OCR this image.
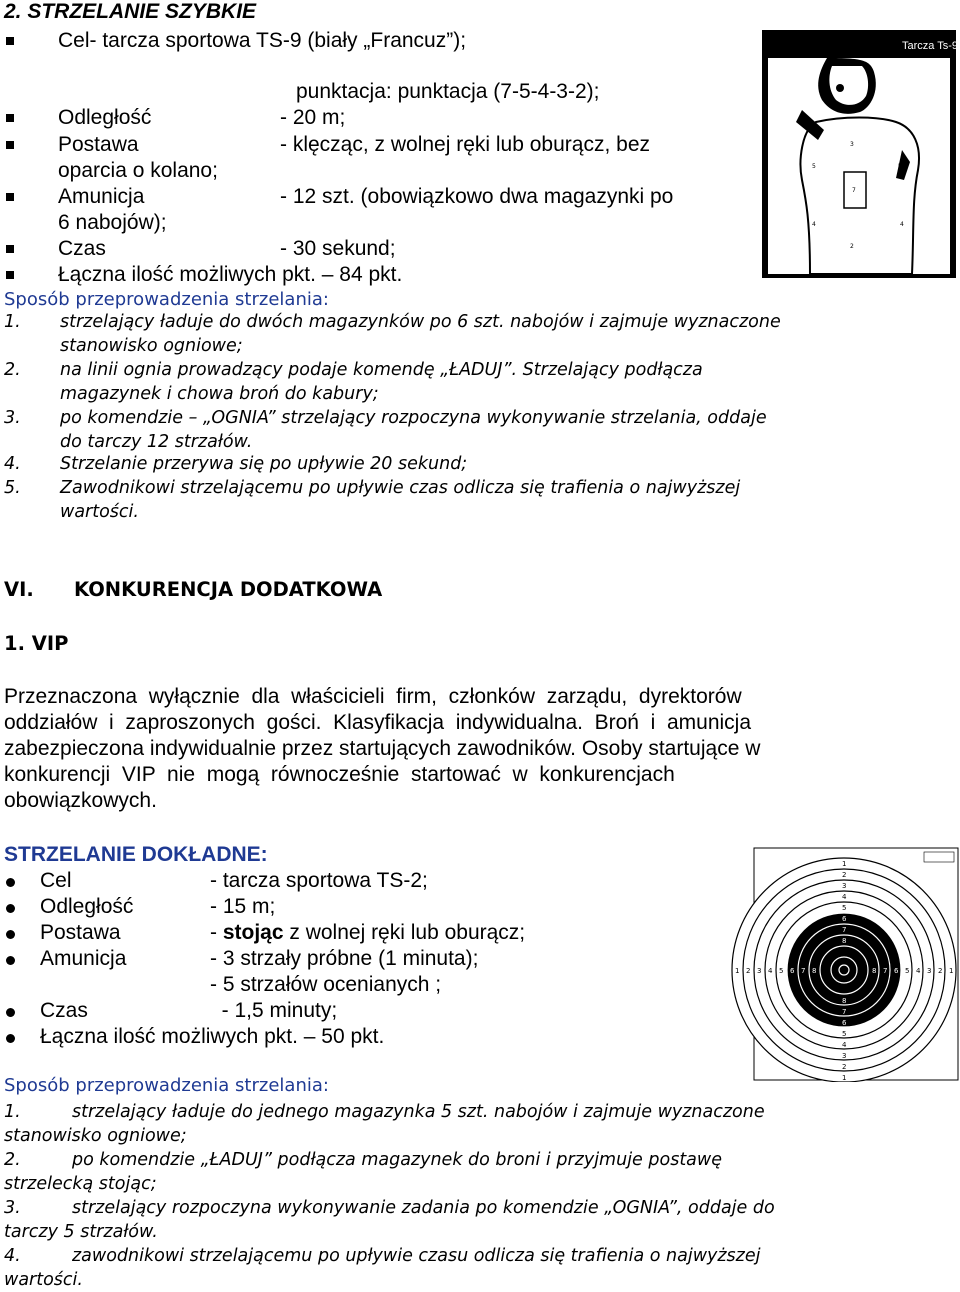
2. STRZELANIE SZYBKIE
Cel- tarcza sportowa TS-9 (biały „Francuz”);
punktacja: punktacja (7-5-4-3-2);
Odległość	- 20 m;
Postawa	- klęcząc, z wolnej ręki lub oburącz, bez
oparcia o kolano;
Amunicja	- 12 szt. (obowiązkowo dwa magazynki po
6 nabojów);
Czas	- 30 sekund;
Łączna ilość możliwych pkt. – 84 pkt.
Tarcza Ts-9
5	5
3
4	4
2
7
Sposób przeprowadzenia strzelania:
1. strzelający ładuje do dwóch magazynków po 6 szt. nabojów i zajmuje wyznaczone
stanowisko ogniowe;
2. na linii ognia prowadzący podaje komendę „ŁADUJ”. Strzelający podłącza
magazynek i chowa broń do kabury;
3. po komendzie – „OGNIA” strzelający rozpoczyna wykonywanie strzelania, oddaje
do tarczy 12 strzałów.
4. Strzelanie przerywa się po upływie 20 sekund;
5. Zawodnikowi strzelającemu po upływie czas odlicza się trafienia o najwyższej
wartości.
VI. KONKURENCJA DODATKOWA
1. VIP
Przeznaczona  wyłącznie  dla  właścicieli  firm,  członków  zarządu,  dyrektorów
oddziałów  i  zaproszonych  gości.  Klasyfikacja  indywidualna.  Broń  i  amunicja
zabezpieczona indywidualnie przez startujących zawodników. Osoby startujące w
konkurencji  VIP  nie  mogą  równocześnie  startować  w  konkurencjach
obowiązkowych.
STRZELANIE DOKŁADNE:
Cel	- tarcza sportowa TS-2;
Odległość	- 15 m;
Postawa	- stojąc z wolnej ręki lub oburącz;
Amunicja	- 3 strzały próbne (1 minuta);
- 5 strzałów ocenianych ;
Czas	- 1,5 minuty;
Łączna ilość możliwych pkt. – 50 pkt.
1
1
1	1
2
2
2	2
3
3
3	3
4
4
4	4
5
5
5	5
6
6
6	6
7
7
7	7
8
8
8	8
Sposób przeprowadzenia strzelania:
1.	strzelający ładuje do jednego magazynka 5 szt. nabojów i zajmuje wyznaczone
stanowisko ogniowe;
2.	po komendzie „ŁADUJ” podłącza magazynek do broni i przyjmuje postawę
strzelecką stojąc;
3.	strzelający rozpoczyna wykonywanie zadania po komendzie „OGNIA”, oddaje do
tarczy 5 strzałów.
4.	zawodnikowi strzelającemu po upływie czasu odlicza się trafienia o najwyższej
wartości.
